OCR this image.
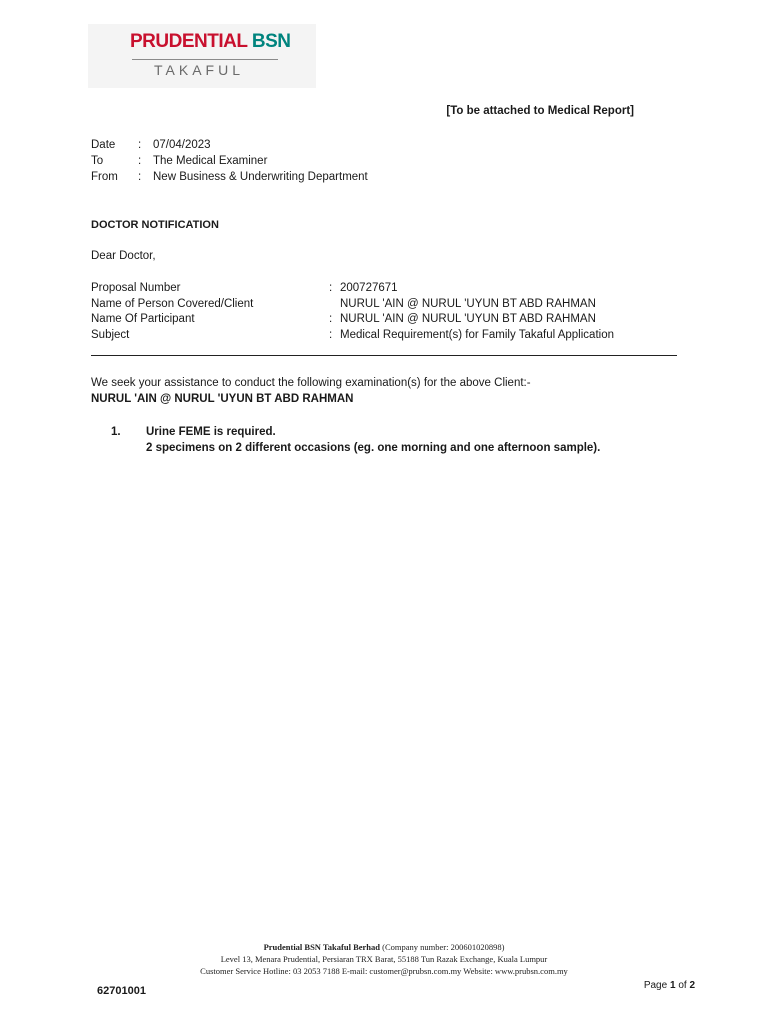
PRUDENTIAL BSN
TAKAFUL
[To be attached to Medical Report]
Date : 07/04/2023
To	: The Medical Examiner
From : New Business & Underwriting Department
DOCTOR NOTIFICATION
Dear Doctor,
Proposal Number	: 200727671
Name of Person Covered/Client	NURUL 'AIN @ NURUL 'UYUN BT ABD RAHMAN
Name Of Participant	: NURUL 'AIN @ NURUL 'UYUN BT ABD RAHMAN
Subject	: Medical Requirement(s) for Family Takaful Application
We seek your assistance to conduct the following examination(s) for the above Client:-
NURUL 'AIN @ NURUL 'UYUN BT ABD RAHMAN
1. Urine FEME is required.
2 specimens on 2 different occasions (eg. one morning and one afternoon sample).
Prudential BSN Takaful Berhad (Company number: 200601020898)
Level 13, Menara Prudential, Persiaran TRX Barat, 55188 Tun Razak Exchange, Kuala Lumpur
Customer Service Hotline: 03 2053 7188 E-mail: customer@prubsn.com.my Website: www.prubsn.com.my
62701001	Page 1 of 2
